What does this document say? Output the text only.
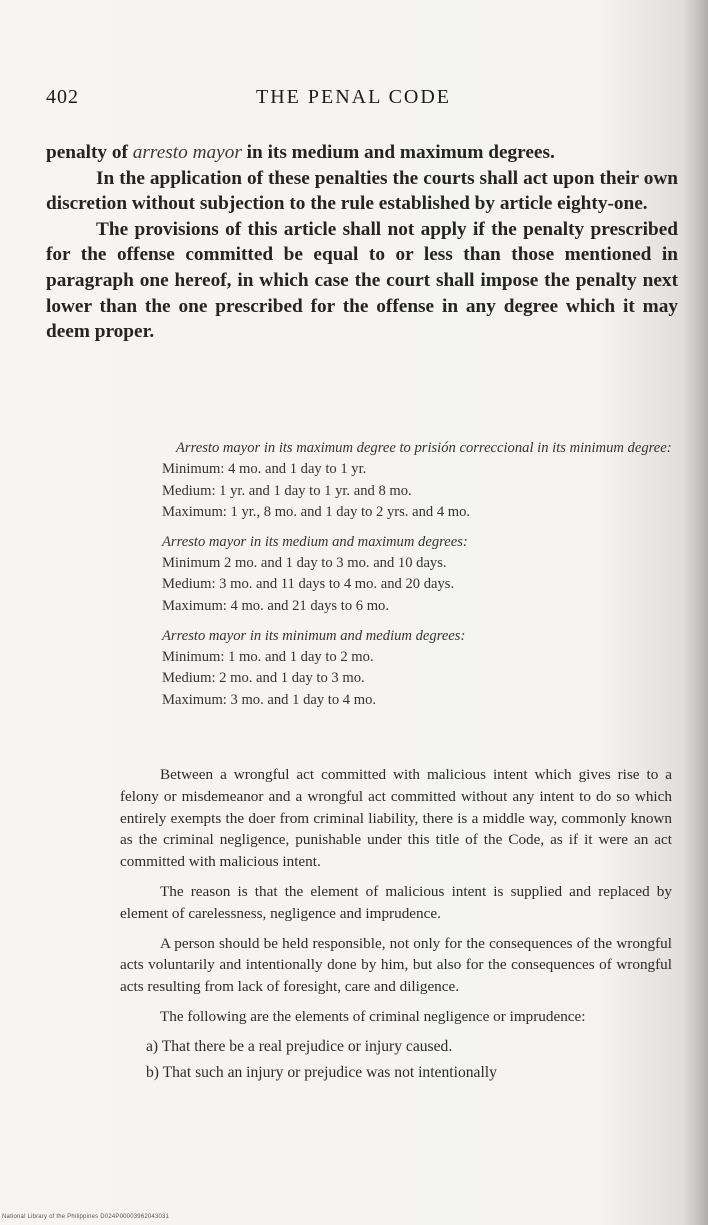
402	THE PENAL CODE

penalty of arresto mayor in its medium and maximum degrees.

In the application of these penalties the courts shall act upon their own discretion without subjection to the rule established by article eighty-one.

The provisions of this article shall not apply if the penalty prescribed for the offense committed be equal to or less than those mentioned in paragraph one hereof, in which case the court shall impose the penalty next lower than the one prescribed for the offense in any degree which it may deem proper.

Arresto mayor in its maximum degree to prisión correccional in its minimum degree:

Minimum: 4 mo. and 1 day to 1 yr.

Medium: 1 yr. and 1 day to 1 yr. and 8 mo.

Maximum: 1 yr., 8 mo. and 1 day to 2 yrs. and 4 mo.

Arresto mayor in its medium and maximum degrees:

Minimum 2 mo. and 1 day to 3 mo. and 10 days.

Medium: 3 mo. and 11 days to 4 mo. and 20 days.

Maximum: 4 mo. and 21 days to 6 mo.

Arresto mayor in its minimum and medium degrees:

Minimum: 1 mo. and 1 day to 2 mo.

Medium: 2 mo. and 1 day to 3 mo.

Maximum: 3 mo. and 1 day to 4 mo.

Between a wrongful act committed with malicious intent which gives rise to a felony or misdemeanor and a wrongful act committed without any intent to do so which entirely exempts the doer from criminal liability, there is a middle way, commonly known as the criminal negligence, punishable under this title of the Code, as if it were an act committed with malicious intent.

The reason is that the element of malicious intent is supplied and replaced by element of carelessness, negligence and imprudence.

A person should be held responsible, not only for the consequences of the wrongful acts voluntarily and intentionally done by him, but also for the consequences of wrongful acts resulting from lack of foresight, care and diligence.

The following are the elements of criminal negligence or imprudence:

a) That there be a real prejudice or injury caused.

b) That such an injury or prejudice was not intentionally

National Library of the Philippines D024P00003962043031
